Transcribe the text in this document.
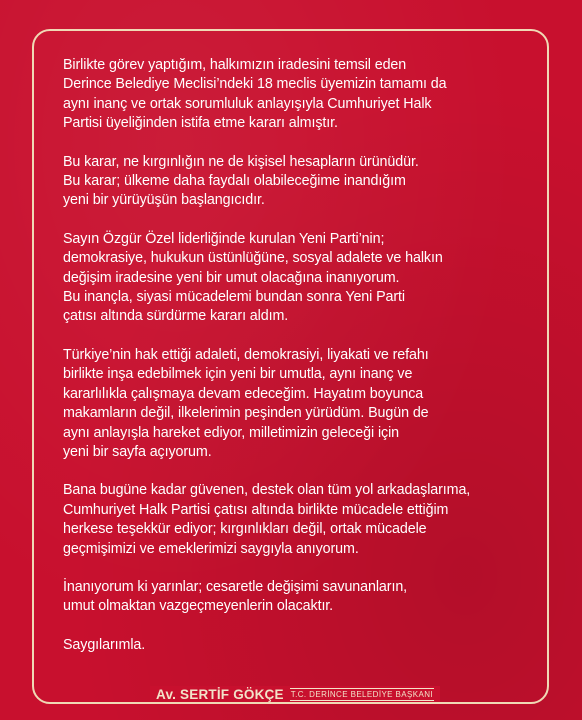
Birlikte görev yaptığım, halkımızın iradesini temsil eden
Derince Belediye Meclisi’ndeki 18 meclis üyemizin tamamı da
aynı inanç ve ortak sorumluluk anlayışıyla Cumhuriyet Halk
Partisi üyeliğinden istifa etme kararı almıştır.

Bu karar, ne kırgınlığın ne de kişisel hesapların ürünüdür.
Bu karar; ülkeme daha faydalı olabileceğime inandığım
yeni bir yürüyüşün başlangıcıdır.

Sayın Özgür Özel liderliğinde kurulan Yeni Parti’nin;
demokrasiye, hukukun üstünlüğüne, sosyal adalete ve halkın
değişim iradesine yeni bir umut olacağına inanıyorum.
Bu inançla, siyasi mücadelemi bundan sonra Yeni Parti
çatısı altında sürdürme kararı aldım.

Türkiye’nin hak ettiği adaleti, demokrasiyi, liyakati ve refahı
birlikte inşa edebilmek için yeni bir umutla, aynı inanç ve
kararlılıkla çalışmaya devam edeceğim. Hayatım boyunca
makamların değil, ilkelerimin peşinden yürüdüm. Bugün de
aynı anlayışla hareket ediyor, milletimizin geleceği için
yeni bir sayfa açıyorum.

Bana bugüne kadar güvenen, destek olan tüm yol arkadaşlarıma,
Cumhuriyet Halk Partisi çatısı altında birlikte mücadele ettiğim
herkese teşekkür ediyor; kırgınlıkları değil, ortak mücadele
geçmişimizi ve emeklerimizi saygıyla anıyorum.

İnanıyorum ki yarınlar; cesaretle değişimi savunanların,
umut olmaktan vazgeçmeyenlerin olacaktır.

Saygılarımla.

Av. SERTİF GÖKÇE T.C. DERİNCE BELEDİYE BAŞKANI
